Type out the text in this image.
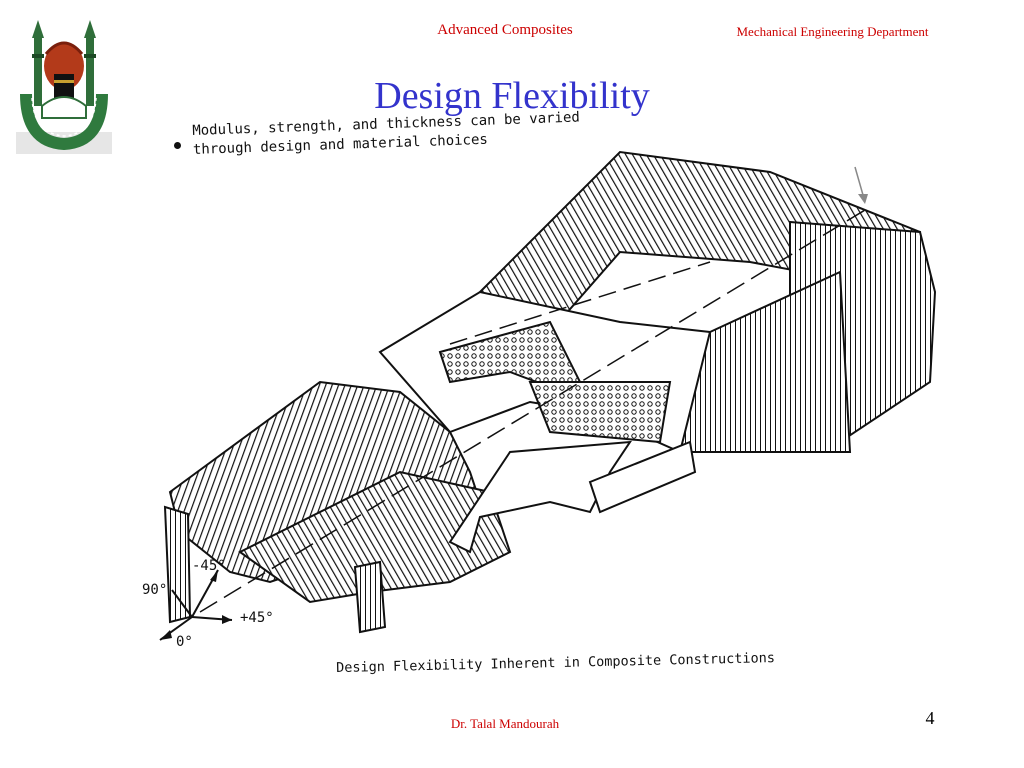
Advanced Composites	Mechanical Engineering Department
Design Flexibility
Modulus, strength, and thickness can be varied through design and material choices
-45°
90°
+45°
0°
Design Flexibility Inherent in Composite Constructions
Dr. Talal Mandourah	4
